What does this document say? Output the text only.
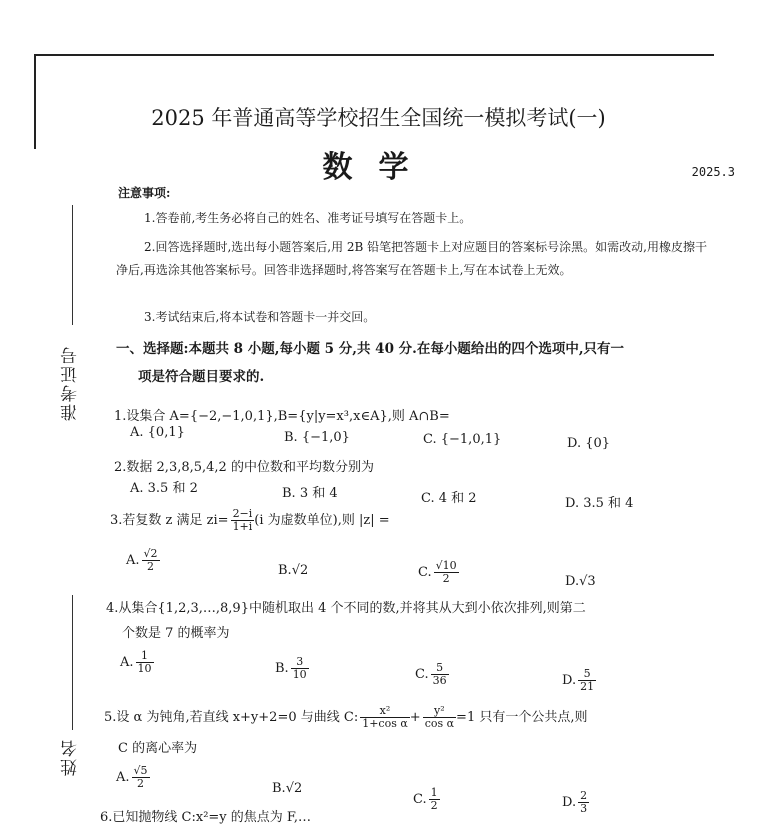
准考证号
姓名
2025 年普通高等学校招生全国统一模拟考试(一)
数学	2025.3
注意事项:
1.答卷前,考生务必将自己的姓名、准考证号填写在答题卡上。
2.回答选择题时,选出每小题答案后,用 2B 铅笔把答题卡上对应题目的答案标号涂黑。如需改动,用橡皮擦干净后,再选涂其他答案标号。回答非选择题时,将答案写在答题卡上,写在本试卷上无效。
3.考试结束后,将本试卷和答题卡一并交回。
一、选择题:本题共 8 小题,每小题 5 分,共 40 分.在每小题给出的四个选项中,只有一
项是符合题目要求的.
1.设集合 A={−2,−1,0,1},B={y|y=x³,x∈A},则 A∩B=
A. {0,1}	B. {−1,0}	C. {−1,0,1}	D. {0}
2.数据 2,3,8,5,4,2 的中位数和平均数分别为
A. 3.5 和 2	B. 3 和 4	C. 4 和 2	D. 3.5 和 4
3.若复数 z 满足 $zi= \frac{2-i}{1+i} (i$ 为虚数单位),则 |z| =
A. $\frac{√2}{2}$	B.√2	C. $\frac{√10}{2}$	D.√3
4.从集合{1,2,3,…,8,9}中随机取出 4 个不同的数,并将其从大到小依次排列,则第二
个数是 7 的概率为
A. $\frac{1}{10}$	B. $\frac{3}{10}$	C. $\frac{5}{36}$	D. $\frac{5}{21}$
5.设 α 为钝角,若直线 x+y+2=0 与曲线 C: $\frac{\text{x²}}{\text{1+cos α}} + \frac{\text{y²}}{\text{cos α}} =1$ 只有一个公共点,则
C 的离心率为
A. $\frac{√5}{2}$	B.√2
C. $\frac{1}{2}$	D. $\frac{2}{3}$
6.已知抛物线 C:x²=y 的焦点为 F,…
